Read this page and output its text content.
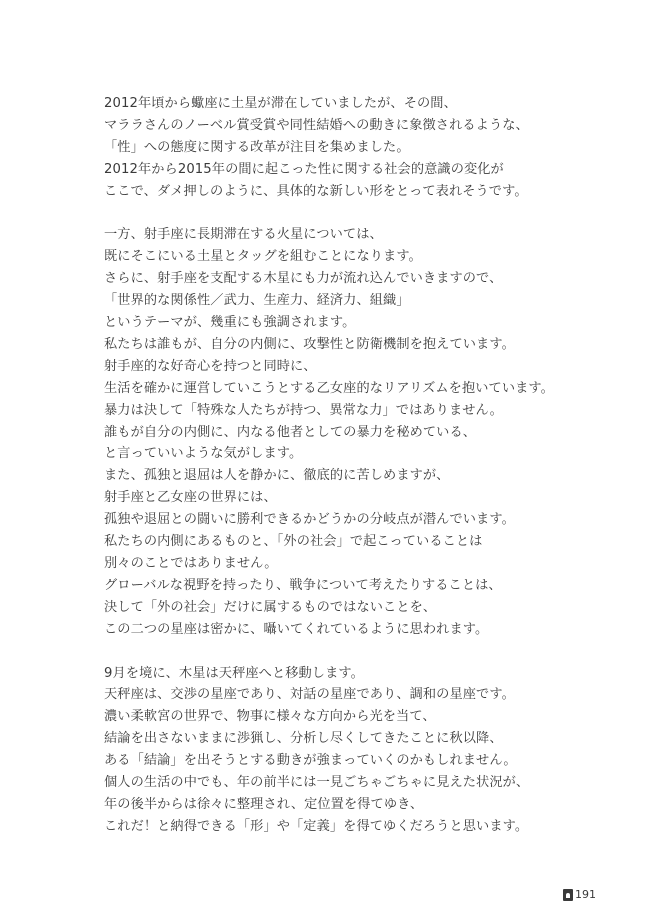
2012年頃から蠍座に土星が滞在していましたが、その間、
マララさんのノーベル賞受賞や同性結婚への動きに象徴されるような、
「性」への態度に関する改革が注目を集めました。
2012年から2015年の間に起こった性に関する社会的意識の変化が
ここで、ダメ押しのように、具体的な新しい形をとって表れそうです。
一方、射手座に長期滞在する火星については、
既にそこにいる土星とタッグを組むことになります。
さらに、射手座を支配する木星にも力が流れ込んでいきますので、
「世界的な関係性／武力、生産力、経済力、組織」
というテーマが、幾重にも強調されます。
私たちは誰もが、自分の内側に、攻撃性と防衛機制を抱えています。
射手座的な好奇心を持つと同時に、
生活を確かに運営していこうとする乙女座的なリアリズムを抱いています。
暴力は決して「特殊な人たちが持つ、異常な力」ではありません。
誰もが自分の内側に、内なる他者としての暴力を秘めている、
と言っていいような気がします。
また、孤独と退屈は人を静かに、徹底的に苦しめますが、
射手座と乙女座の世界には、
孤独や退屈との闘いに勝利できるかどうかの分岐点が潜んでいます。
私たちの内側にあるものと、「外の社会」で起こっていることは
別々のことではありません。
グローバルな視野を持ったり、戦争について考えたりすることは、
決して「外の社会」だけに属するものではないことを、
この二つの星座は密かに、囁いてくれているように思われます。
9月を境に、木星は天秤座へと移動します。
天秤座は、交渉の星座であり、対話の星座であり、調和の星座です。
濃い柔軟宮の世界で、物事に様々な方向から光を当て、
結論を出さないままに渉猟し、分析し尽くしてきたことに秋以降、
ある「結論」を出そうとする動きが強まっていくのかもしれません。
個人の生活の中でも、年の前半には一見ごちゃごちゃに見えた状況が、
年の後半からは徐々に整理され、定位置を得てゆき、
これだ！と納得できる「形」や「定義」を得てゆくだろうと思います。
191
